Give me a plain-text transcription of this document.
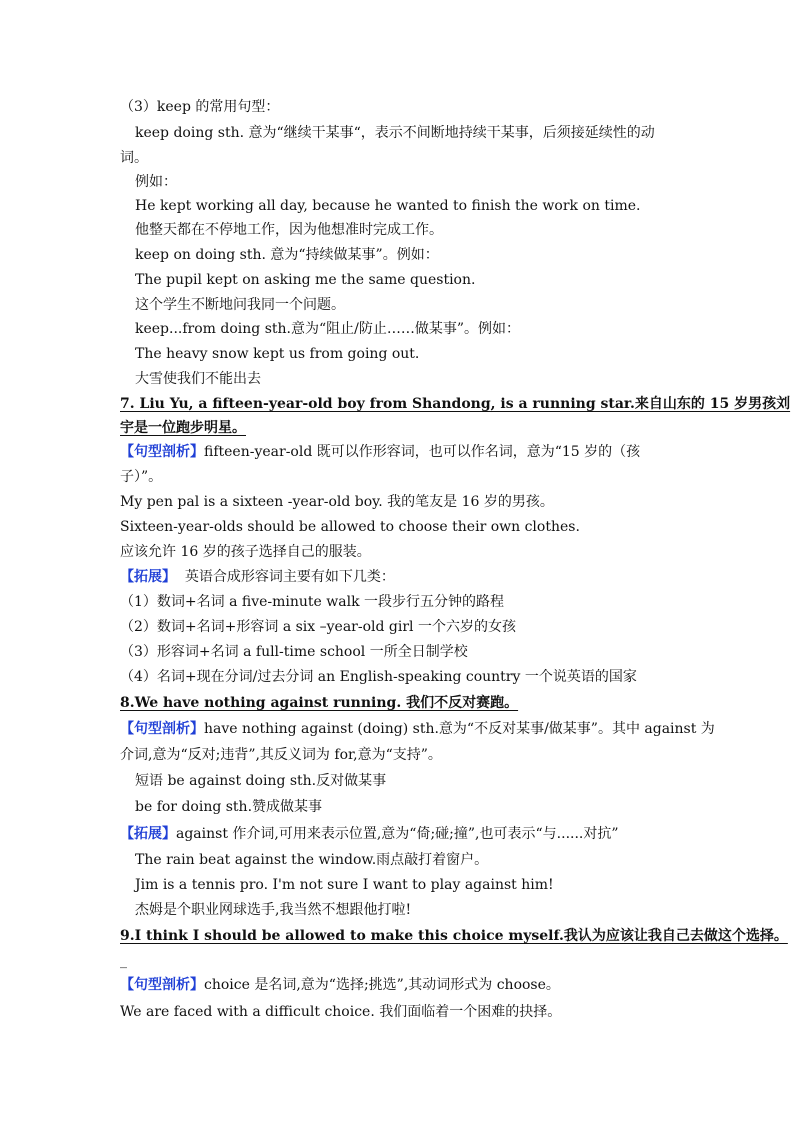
（3）keep 的常用句型：
keep doing sth. 意为“继续干某事“，表示不间断地持续干某事，后须接延续性的动
词。
例如：
He kept working all day, because he wanted to finish the work on time.
他整天都在不停地工作，因为他想准时完成工作。
keep on doing sth. 意为“持续做某事”。例如：
The pupil kept on asking me the same question.
这个学生不断地问我同一个问题。
keep...from doing sth.意为“阻止/防止……做某事”。例如：
The heavy snow kept us from going out.
大雪使我们不能出去
7. Liu Yu, a fifteen-year-old boy from Shandong, is a running star.来自山东的 15 岁男孩刘
宇是一位跑步明星。
【句型剖析】fifteen-year-old 既可以作形容词，也可以作名词，意为“15 岁的（孩
子）”。
My pen pal is a sixteen -year-old boy. 我的笔友是 16 岁的男孩。
Sixteen-year-olds should be allowed to choose their own clothes.
应该允许 16 岁的孩子选择自己的服装。
【拓展】 英语合成形容词主要有如下几类：
（1）数词+名词 a five-minute walk 一段步行五分钟的路程
（2）数词+名词+形容词 a six –year-old girl 一个六岁的女孩
（3）形容词+名词 a full-time school 一所全日制学校
（4）名词+现在分词/过去分词 an English-speaking country 一个说英语的国家
8.We have nothing against running. 我们不反对赛跑。
【句型剖析】have nothing against (doing) sth.意为“不反对某事/做某事”。其中 against 为
介词,意为“反对;违背”,其反义词为 for,意为“支持”。
短语 be against doing sth.反对做某事
be for doing sth.赞成做某事
【拓展】against 作介词,可用来表示位置,意为“倚;碰;撞”,也可表示“与......对抗”
The rain beat against the window.雨点敲打着窗户。
Jim is a tennis pro. I'm not sure I want to play against him!
杰姆是个职业网球选手,我当然不想跟他打啦!
9.I think I should be allowed to make this choice myself.我认为应该让我自己去做这个选择。
_
【句型剖析】choice 是名词,意为“选择;挑选”,其动词形式为 choose。
We are faced with a difficult choice. 我们面临着一个困难的抉择。
